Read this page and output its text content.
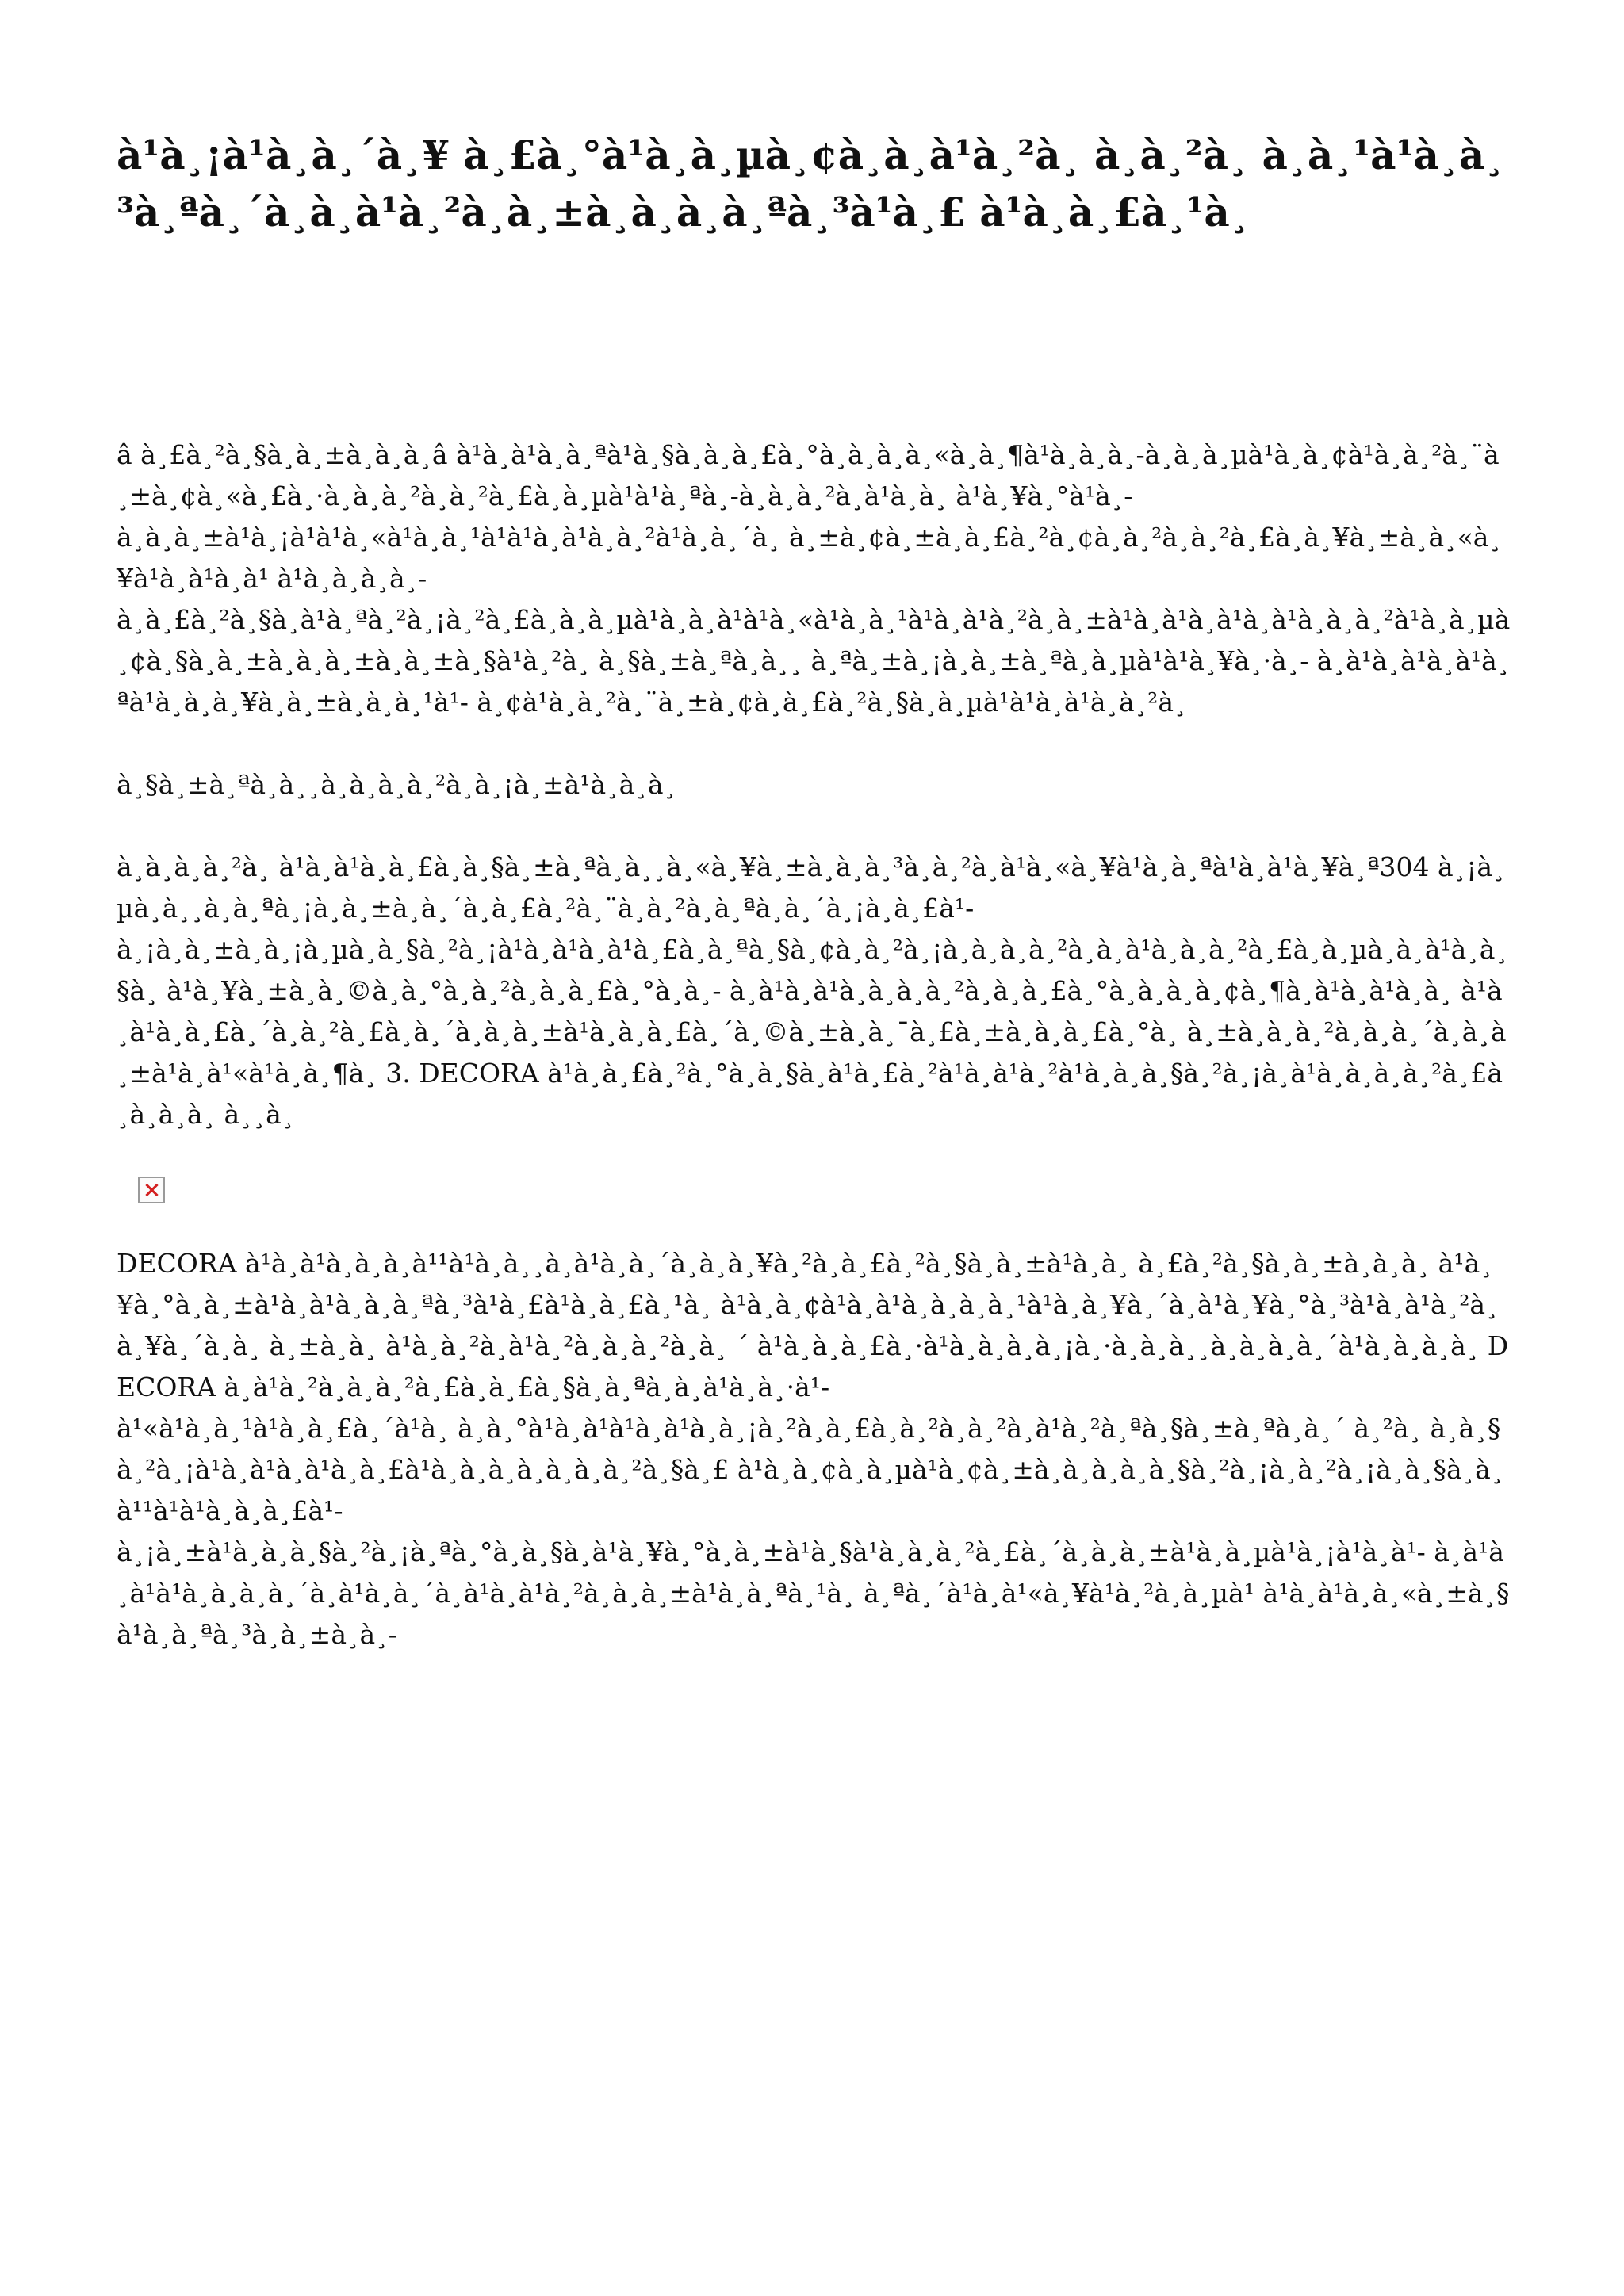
à¹à¸¡à¹à¸à¸´à¸¥ à¸£à¸°à¹à¸à¸µà¸¢à¸à¸à¹à¸²à¸ à¸à¸²à¸ à¸à¸¹à¹à¸à¸³à¸ªà¸´à¸à¸à¹à¸²à¸à¸±à¸à¸à¸à¸ªà¸³à¹à¸£ à¹à¸à¸£à¸¹à¸

â à¸£à¸²à¸§à¸à¸±à¸à¸à¸â à¹à¸à¹à¸à¸ªà¹à¸§à¸à¸à¸£à¸°à¸à¸à¸à¸«à¸à¸¶à¹à¸à¸à¸-à¸à¸à¸µà¹à¸à¸¢à¹à¸à¸²à¸¨à¸±à¸¢à¸«à¸£à¸·à¸à¸à¸²à¸à¸²à¸£à¸à¸µà¹à¹à¸ªà¸-à¸à¸à¸²à¸à¹à¸à¸ à¹à¸¥à¸°à¹à¸-

à¸à¸à¸±à¹à¸¡à¹à¹à¸«à¹à¸à¸¹à¹à¹à¸à¹à¸à¸²à¹à¸à¸´à¸ à¸±à¸¢à¸±à¸à¸£à¸²à¸¢à¸à¸²à¸à¸²à¸£à¸à¸¥à¸±à¸à¸«à¸¥à¹à¸à¹à¸à¹ à¹à¸à¸à¸à¸-

à¸à¸£à¸²à¸§à¸à¹à¸ªà¸²à¸¡à¸²à¸£à¸à¸à¸µà¹à¸à¸à¹à¹à¸«à¹à¸à¸¹à¹à¸à¹à¸²à¸à¸±à¹à¸à¹à¸à¹à¸à¹à¸à¸à¸²à¹à¸à¸µà¸¢à¸§à¸à¸±à¸à¸à¸±à¸à¸±à¸§à¹à¸²à¸ à¸§à¸±à¸ªà¸à¸¸ à¸ªà¸±à¸¡à¸à¸±à¸ªà¸à¸µà¹à¹à¸¥à¸·à¸- à¸à¹à¸à¹à¸à¹à¸ªà¹à¸à¸à¸¥à¸à¸±à¸à¸à¸¹à¹- à¸¢à¹à¸à¸²à¸¨à¸±à¸¢à¸à¸£à¸²à¸§à¸à¸µà¹à¹à¸à¹à¸à¸²à¸

à¸§à¸±à¸ªà¸à¸¸à¸à¸à¸à¸²à¸à¸¡à¸±à¹à¸à¸à¸

à¸à¸à¸à¸²à¸ à¹à¸à¹à¸à¸£à¸à¸§à¸±à¸ªà¸à¸¸à¸«à¸¥à¸±à¸à¸à¸³à¸à¸²à¸à¹à¸«à¸¥à¹à¸à¸ªà¹à¸à¹à¸¥à¸ª304 à¸¡à¸µà¸à¸¸à¸à¸ªà¸¡à¸à¸±à¸à¸´à¸à¸£à¸²à¸¨à¸à¸²à¸à¸ªà¸à¸´à¸¡à¸à¸£à¹-

à¸¡à¸à¸±à¸à¸¡à¸µà¸à¸§à¸²à¸¡à¹à¸à¹à¸à¹à¸£à¸à¸ªà¸§à¸¢à¸à¸²à¸¡à¸à¸à¸à¸²à¸à¸à¹à¸à¸à¸²à¸£à¸à¸µà¸à¸à¹à¸à¸§à¸ à¹à¸¥à¸±à¸à¸©à¸à¸°à¸à¸²à¸à¸à¸£à¸°à¸à¸- à¸à¹à¸à¹à¸à¸à¸à¸²à¸à¸à¸£à¸°à¸à¸à¸à¸¢à¸¶à¸à¹à¸à¹à¸à¸ à¹à¸à¹à¸à¸£à¸´à¸à¸²à¸£à¸à¸´à¸à¸à¸±à¹à¸à¸à¸£à¸´à¸©à¸±à¸à¸¯à¸£à¸±à¸à¸à¸£à¸°à¸ à¸±à¸à¸à¸²à¸à¸à¸´à¸à¸à¸±à¹à¸à¹«à¹à¸à¸¶à¸ 3. DECORA à¹à¸à¸£à¸²à¸°à¸à¸§à¸à¹à¸£à¸²à¹à¸à¹à¸²à¹à¸à¸à¸§à¸²à¸¡à¸à¹à¸à¸à¸à¸²à¸£à¸à¸à¸à¸ à¸¸à¸

DECORA à¹à¸à¹à¸à¸à¸à¹¹à¹à¸à¸¸à¸à¹à¸à¸´à¸à¸à¸¥à¸²à¸à¸£à¸²à¸§à¸à¸±à¹à¸à¸ à¸£à¸²à¸§à¸à¸±à¸à¸à¸ à¹à¸¥à¸°à¸à¸±à¹à¸à¹à¸à¸à¸ªà¸³à¹à¸£à¹à¸à¸£à¸¹à¸ à¹à¸à¸¢à¹à¸à¹à¸à¸à¸à¸¹à¹à¸à¸¥à¸´à¸à¹à¸¥à¸°à¸³à¹à¸à¹à¸²à¸à¸¥à¸´à¸à¸ à¸±à¸à¸ à¹à¸à¸²à¸à¹à¸²à¸à¸à¸²à¸à¸ ´ à¹à¸à¸à¸£à¸·à¹à¸à¸à¸à¸¡à¸·à¸à¸à¸¸à¸à¸à¸à¸´à¹à¸à¸à¸à¸ DECORA à¸à¹à¸²à¸à¸à¸²à¸£à¸à¸£à¸§à¸à¸ªà¸à¸à¹à¸à¸·à¹-

à¹«à¹à¸à¸¹à¹à¸à¸£à¸´à¹à¸ à¸à¸°à¹à¸à¹à¹à¸à¹à¸à¸¡à¸²à¸à¸£à¸à¸²à¸à¸²à¸à¹à¸²à¸ªà¸§à¸±à¸ªà¸à¸´ à¸²à¸ à¸à¸§à¸²à¸¡à¹à¸à¹à¸à¹à¸à¸£à¹à¸à¸à¸à¸à¸à¸à¸²à¸§à¸£ à¹à¸à¸¢à¸à¸µà¹à¸¢à¸±à¸à¸à¸à¸à¸§à¸²à¸¡à¸à¸²à¸¡à¸à¸§à¸à¸à¹¹à¹à¹à¸à¸à¸£à¹-

à¸¡à¸±à¹à¸à¸à¸§à¸²à¸¡à¸ªà¸°à¸à¸§à¸à¹à¸¥à¸°à¸à¸±à¹à¸§à¹à¸à¸à¸²à¸£à¸´à¸à¸à¸±à¹à¸à¸µà¹à¸¡à¹à¸à¹- à¸à¹à¸à¹à¹à¸à¸à¸à¸´à¸à¹à¸à¸´à¸à¹à¸à¹à¸²à¸à¸à¸±à¹à¸à¸ªà¸¹à¸ à¸ªà¸´à¹à¸à¹«à¸¥à¹à¸²à¸à¸µà¹ à¹à¸à¹à¸à¸«à¸±à¸§à¹à¸à¸ªà¸³à¸à¸±à¸à¸-
